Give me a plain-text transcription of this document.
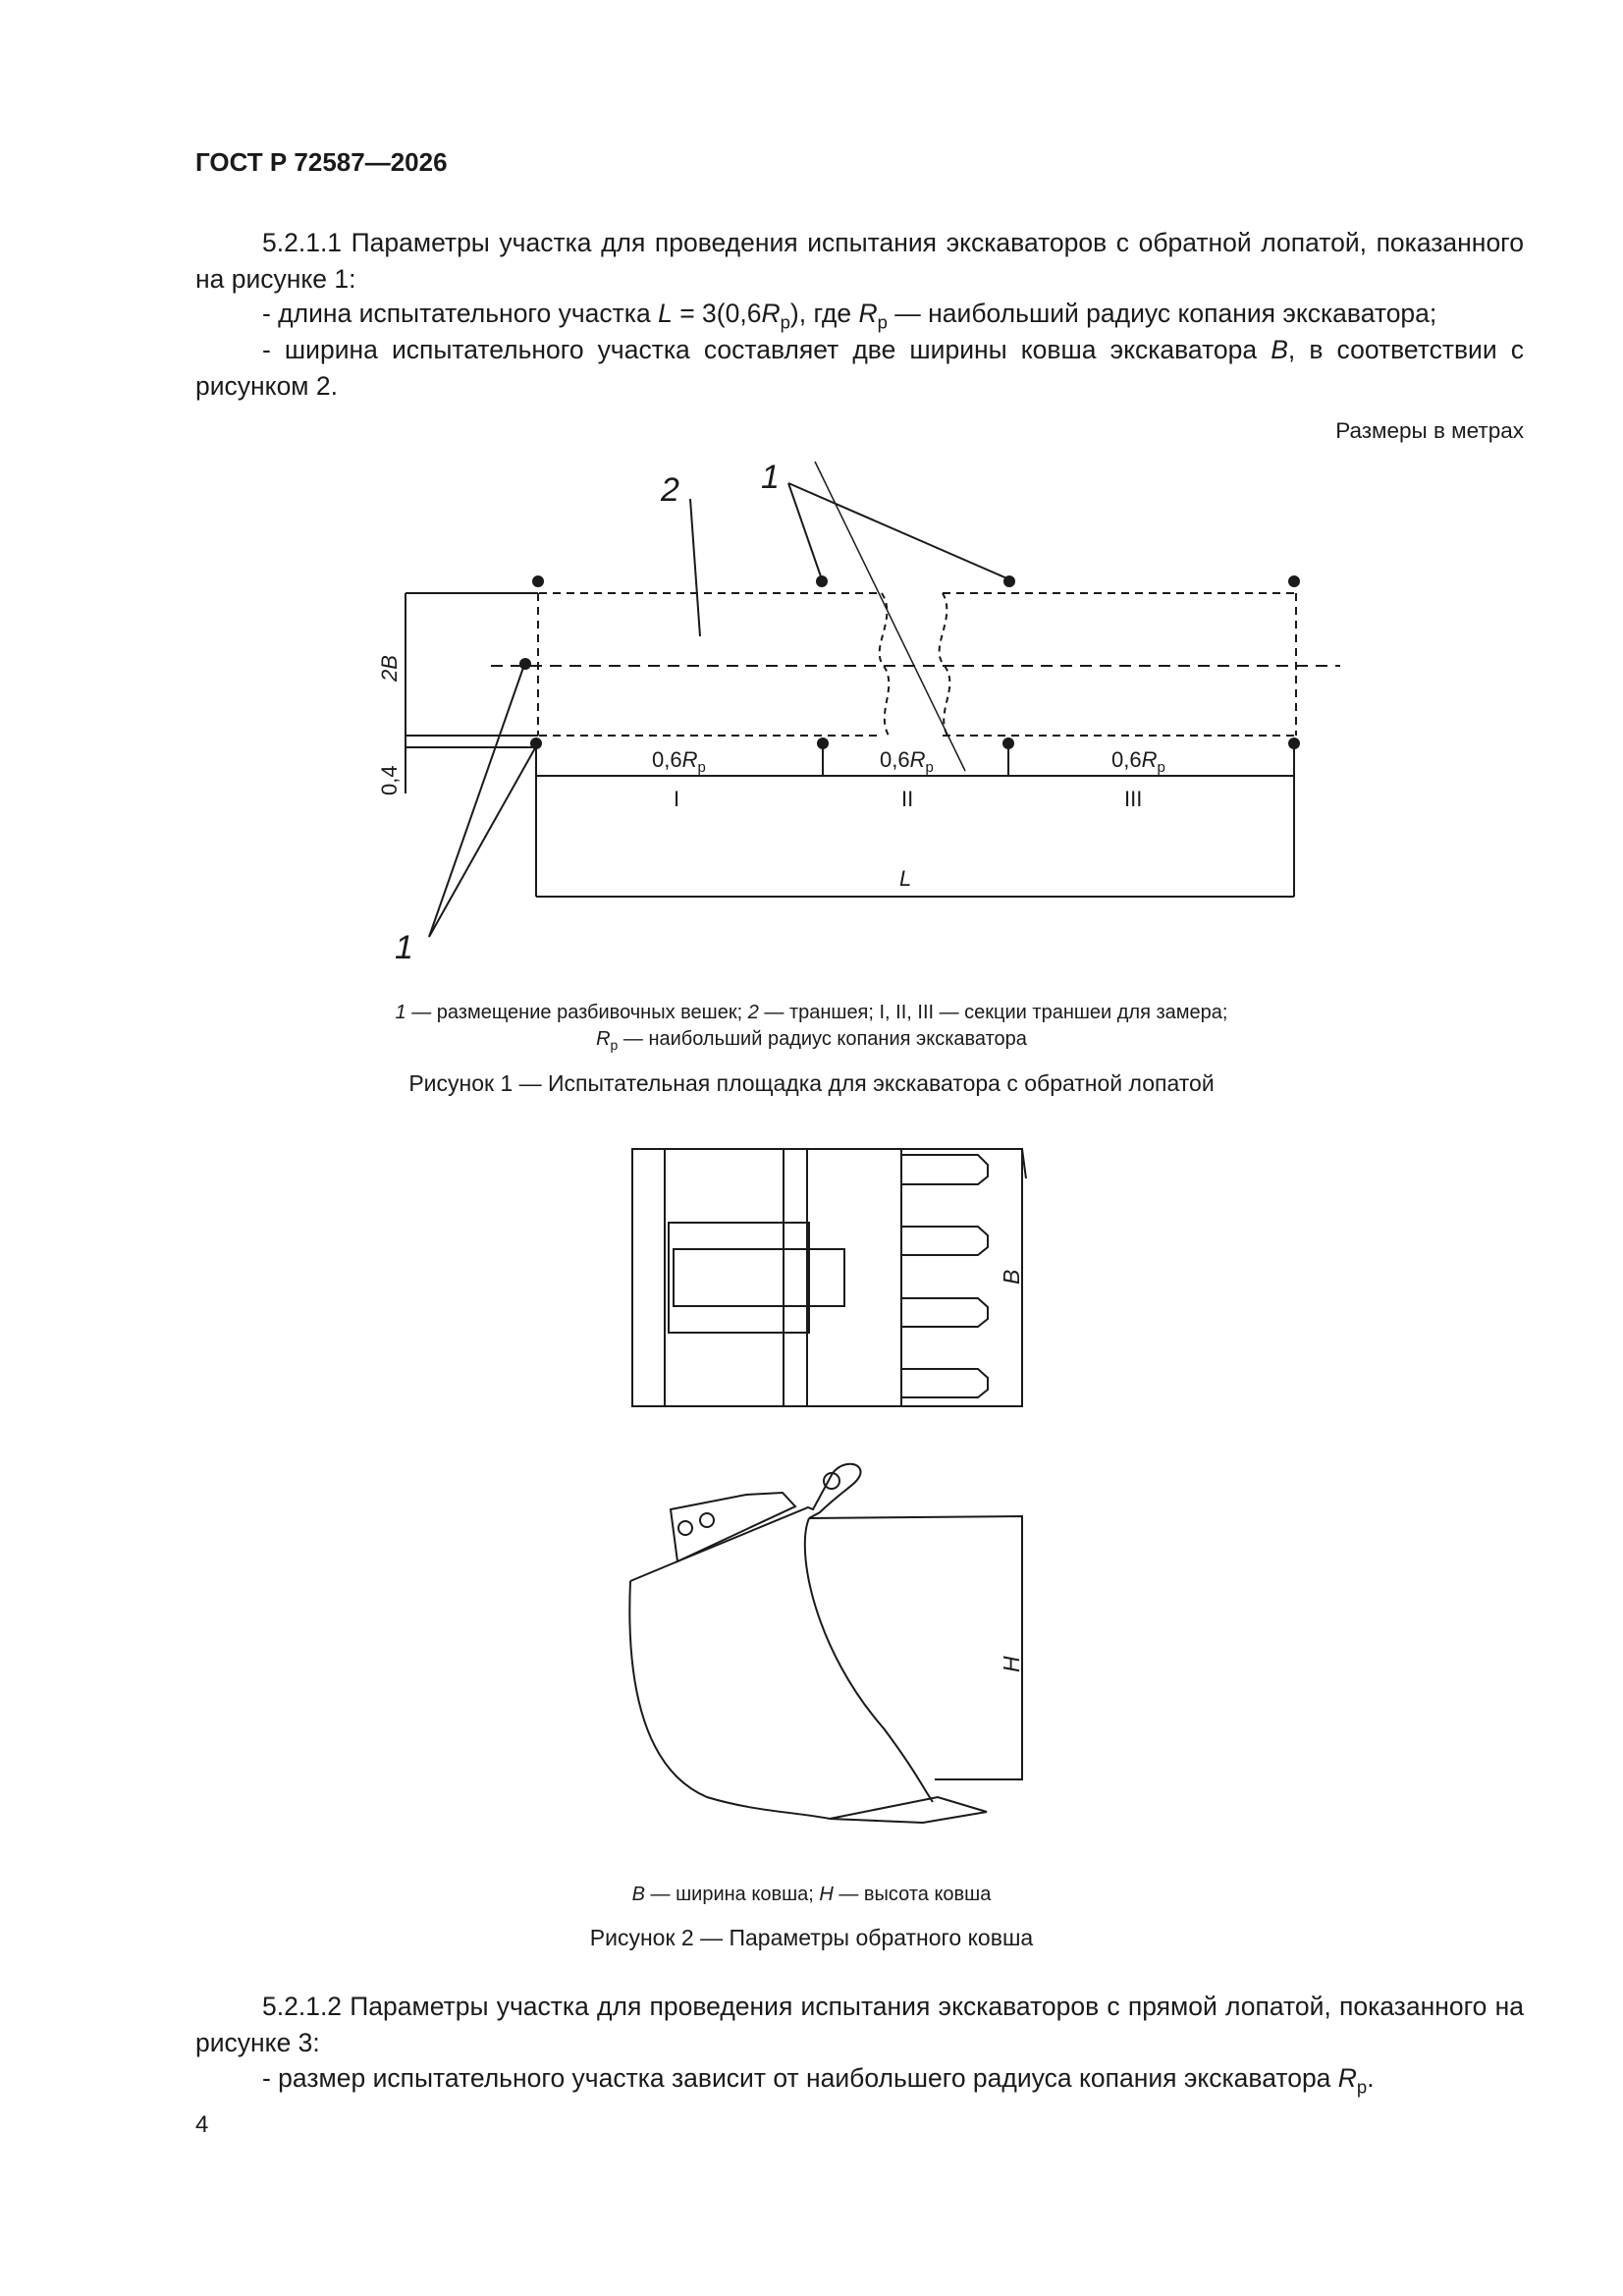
ГОСТ Р 72587—2026
5.2.1.1 Параметры участка для проведения испытания экскаваторов с обратной лопатой, показанного на рисунке 1:
- длина испытательного участка $L = 3(0,6R_р)$, где $R_р$ — наибольший радиус копания экскаватора;
- ширина испытательного участка составляет две ширины ковша экскаватора B, в соответствии с рисунком 2.
Размеры в метрах
1
2
1
2B
0,4
$0,6R_р$	$0,6R_р$	$0,6R_р$
I	II	III
L
1 — размещение разбивочных вешек; 2 — траншея; I, II, III — секции траншеи для замера;
$R_р$ — наибольший радиус копания экскаватора
Рисунок 1 — Испытательная площадка для экскаватора с обратной лопатой
B
H
B — ширина ковша; H — высота ковша
Рисунок 2 — Параметры обратного ковша
5.2.1.2 Параметры участка для проведения испытания экскаваторов с прямой лопатой, показанного на рисунке 3:
- размер испытательного участка зависит от наибольшего радиуса копания экскаватора $R_р$.
4
